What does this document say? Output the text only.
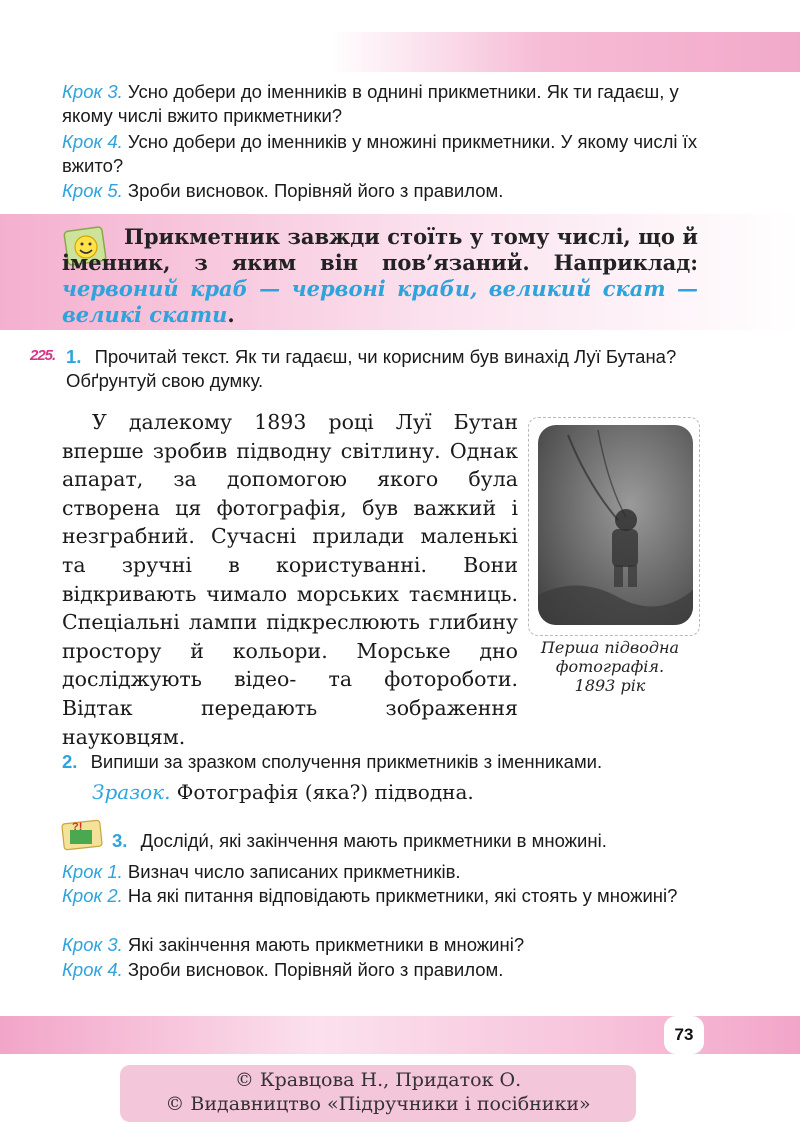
Крок 3. Усно добери до іменників в однині прикметники. Як ти гадаєш, у якому числі вжито прикметники?
Крок 4. Усно добери до іменників у множині прикметники. У якому числі їх вжито?
Крок 5. Зроби висновок. Порівняй його з правилом.
Прикметник завжди стоїть у тому числі, що й іменник, з яким він пов’язаний. Наприклад: червоний краб — червоні краби, великий скат — великі скати.
225. 1. Прочитай текст. Як ти гадаєш, чи корисним був винахід Луї Бутана? Обґрунтуй свою думку.
У далекому 1893 році Луї Бутан вперше зробив підводну світлину. Однак апарат, за допомогою якого була створена ця фотографія, був важкий і незграбний. Сучасні прилади маленькі та зручні в користуванні. Вони відкривають чимало морських таємниць. Спеціальні лампи підкреслюють глибину простору й кольори. Морське дно досліджують відео- та фотороботи. Відтак передають зображення науковцям.
Перша підводна
фотографія.
1893 рік
2. Випиши за зразком сполучення прикметників з іменниками.
Зразок. Фотографія (яка?) підводна.
?!
3. Досліди́, які закінчення мають прикметники в множині.
Крок 1. Визнач число записаних прикметників.
Крок 2. На які питання відповідають прикметники, які стоять у множині?
Крок 3. Які закінчення мають прикметники в множині?
Крок 4. Зроби висновок. Порівняй його з правилом.
73
© Кравцова Н., Придаток О.
© Видавництво «Підручники і посібники»
